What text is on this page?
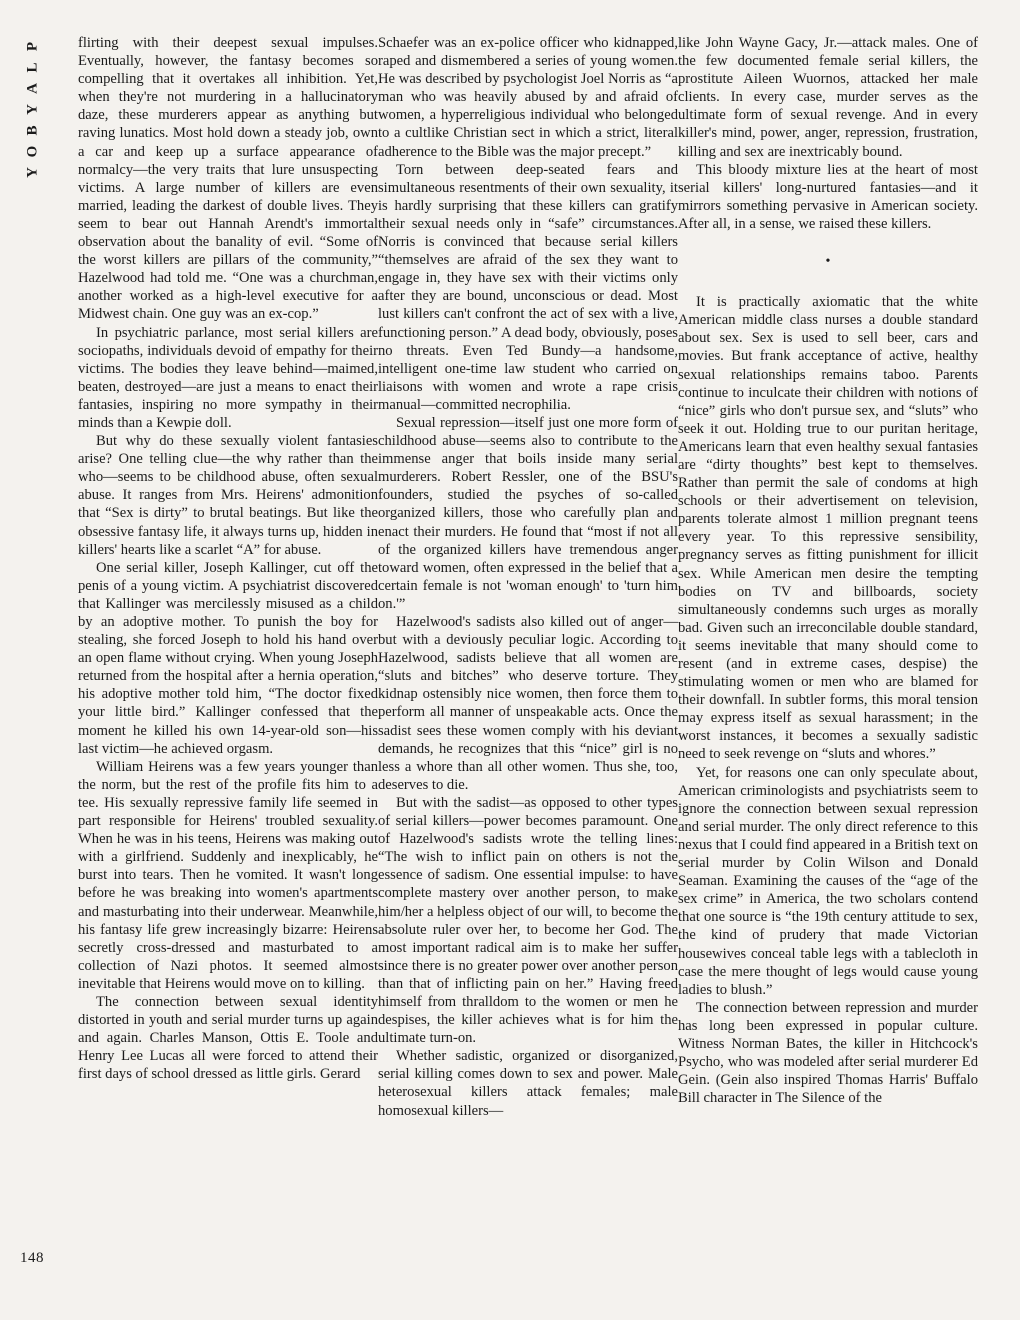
P
L
A
Y
B
O
Y
148

flirting with their deepest sexual impulses. Eventually, however, the fantasy becomes so compelling that it overtakes all inhibition. Yet, when they're not murdering in a hallucinatory daze, these murderers appear as anything but raving lunatics. Most hold down a steady job, own a car and keep up a surface appearance of normalcy—the very traits that lure unsuspecting victims. A large number of killers are even married, leading the darkest of double lives. They seem to bear out Hannah Arendt's immortal observation about the banality of evil. “Some of the worst killers are pillars of the community,” Hazelwood had told me. “One was a churchman, another worked as a high-level executive for a Midwest chain. One guy was an ex-cop.”

In psychiatric parlance, most serial killers are sociopaths, individuals devoid of empathy for their victims. The bodies they leave behind—maimed, beaten, destroyed—are just a means to enact their fantasies, inspiring no more sympathy in their minds than a Kewpie doll.

But why do these sexually violent fantasies arise? One telling clue—the why rather than the who—seems to be childhood abuse, often sexual abuse. It ranges from Mrs. Heirens' admonition that “Sex is dirty” to brutal beatings. But like the obsessive fantasy life, it always turns up, hidden in killers' hearts like a scarlet “A” for abuse.

One serial killer, Joseph Kallinger, cut off the penis of a young victim. A psychiatrist discovered that Kallinger was mercilessly misused as a child by an adoptive mother. To punish the boy for stealing, she forced Joseph to hold his hand over an open flame without crying. When young Joseph returned from the hospital after a hernia operation, his adoptive mother told him, “The doctor fixed your little bird.” Kallinger confessed that the moment he killed his own 14-year-old son—his last victim—he achieved orgasm.

William Heirens was a few years younger than the norm, but the rest of the profile fits him to a tee. His sexually repressive family life seemed in part responsible for Heirens' troubled sexuality. When he was in his teens, Heirens was making out with a girlfriend. Suddenly and inexplicably, he burst into tears. Then he vomited. It wasn't long before he was breaking into women's apartments and masturbating into their underwear. Meanwhile, his fantasy life grew increasingly bizarre: Heirens secretly cross-dressed and masturbated to a collection of Nazi photos. It seemed almost inevitable that Heirens would move on to killing.

The connection between sexual identity distorted in youth and serial murder turns up again and again. Charles Manson, Ottis E. Toole and Henry Lee Lucas all were forced to attend their first days of school dressed as little girls. Gerard

Schaefer was an ex-police officer who kidnapped, raped and dismembered a series of young women. He was described by psychologist Joel Norris as “a man who was heavily abused by and afraid of women, a hyperreligious individual who belonged to a cultlike Christian sect in which a strict, literal adherence to the Bible was the major precept.”

Torn between deep-seated fears and simultaneous resentments of their own sexuality, it is hardly surprising that these killers can gratify their sexual needs only in “safe” circumstances. Norris is convinced that because serial killers “themselves are afraid of the sex they want to engage in, they have sex with their victims only after they are bound, unconscious or dead. Most lust killers can't confront the act of sex with a live, functioning person.” A dead body, obviously, poses no threats. Even Ted Bundy—a handsome, intelligent one-time law student who carried on liaisons with women and wrote a rape crisis manual—committed necrophilia.

Sexual repression—itself just one more form of childhood abuse—seems also to contribute to the immense anger that boils inside many serial murderers. Robert Ressler, one of the BSU's founders, studied the psyches of so-called organized killers, those who carefully plan and enact their murders. He found that “most if not all of the organized killers have tremendous anger toward women, often expressed in the belief that a certain female is not 'woman enough' to 'turn him on.'”

Hazelwood's sadists also killed out of anger—but with a deviously peculiar logic. According to Hazelwood, sadists believe that all women are “sluts and bitches” who deserve torture. They kidnap ostensibly nice women, then force them to perform all manner of unspeakable acts. Once the sadist sees these women comply with his deviant demands, he recognizes that this “nice” girl is no less a whore than all other women. Thus she, too, deserves to die.

But with the sadist—as opposed to other types of serial killers—power becomes paramount. One of Hazelwood's sadists wrote the telling lines: “The wish to inflict pain on others is not the essence of sadism. One essential impulse: to have complete mastery over another person, to make him/her a helpless object of our will, to become the absolute ruler over her, to become her God. The most important radical aim is to make her suffer since there is no greater power over another person than that of inflicting pain on her.” Having freed himself from thralldom to the women or men he despises, the killer achieves what is for him the ultimate turn-on.

Whether sadistic, organized or disorganized, serial killing comes down to sex and power. Male heterosexual killers attack females; male homosexual killers—

like John Wayne Gacy, Jr.—attack males. One of the few documented female serial killers, the prostitute Aileen Wuornos, attacked her male clients. In every case, murder serves as the ultimate form of sexual revenge. And in every killer's mind, power, anger, repression, frustration, killing and sex are inextricably bound.

This bloody mixture lies at the heart of most serial killers' long-nurtured fantasies—and it mirrors something pervasive in American society. After all, in a sense, we raised these killers.

•

It is practically axiomatic that the white American middle class nurses a double standard about sex. Sex is used to sell beer, cars and movies. But frank acceptance of active, healthy sexual relationships remains taboo. Parents continue to inculcate their children with notions of “nice” girls who don't pursue sex, and “sluts” who seek it out. Holding true to our puritan heritage, Americans learn that even healthy sexual fantasies are “dirty thoughts” best kept to themselves. Rather than permit the sale of condoms at high schools or their advertisement on television, parents tolerate almost 1 million pregnant teens every year. To this repressive sensibility, pregnancy serves as fitting punishment for illicit sex. While American men desire the tempting bodies on TV and billboards, society simultaneously condemns such urges as morally bad. Given such an irreconcilable double standard, it seems inevitable that many should come to resent (and in extreme cases, despise) the stimulating women or men who are blamed for their downfall. In subtler forms, this moral tension may express itself as sexual harassment; in the worst instances, it becomes a sexually sadistic need to seek revenge on “sluts and whores.”

Yet, for reasons one can only speculate about, American criminologists and psychiatrists seem to ignore the connection between sexual repression and serial murder. The only direct reference to this nexus that I could find appeared in a British text on serial murder by Colin Wilson and Donald Seaman. Examining the causes of the “age of the sex crime” in America, the two scholars contend that one source is “the 19th century attitude to sex, the kind of prudery that made Victorian housewives conceal table legs with a tablecloth in case the mere thought of legs would cause young ladies to blush.”

The connection between repression and murder has long been expressed in popular culture. Witness Norman Bates, the killer in Hitchcock's Psycho, who was modeled after serial murderer Ed Gein. (Gein also inspired Thomas Harris' Buffalo Bill character in The Silence of the
